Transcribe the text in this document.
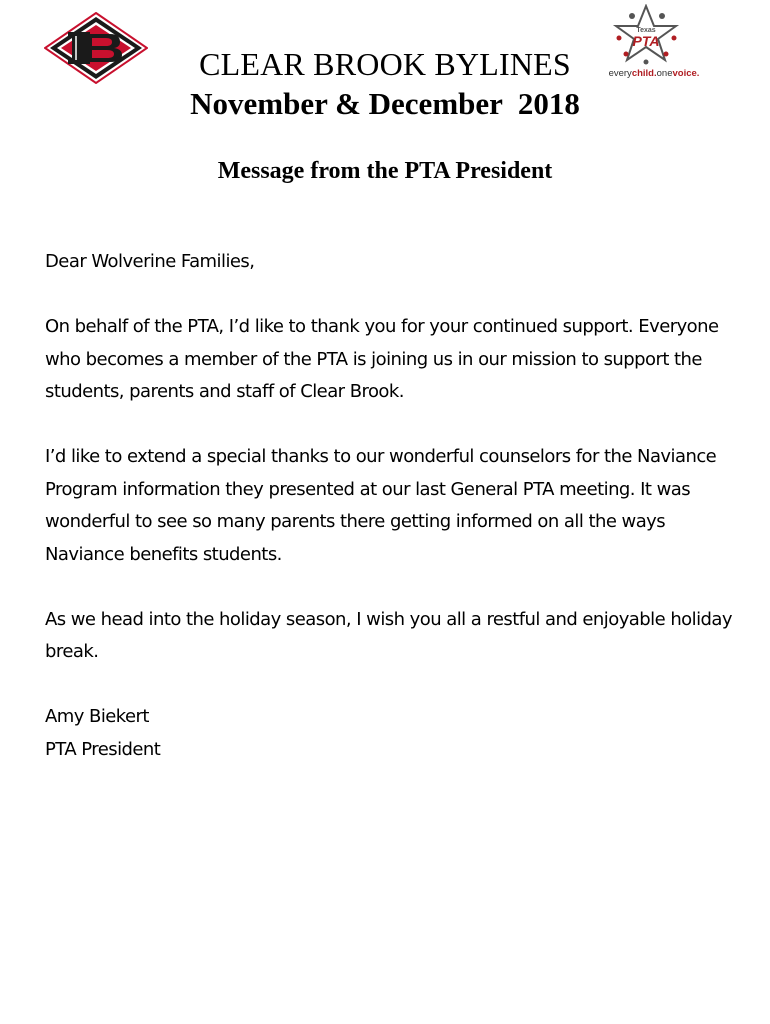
Texas
PTA
everychild.onevoice.
CLEAR BROOK BYLINES
November & December  2018
Message from the PTA President

Dear Wolverine Families,

On behalf of the PTA, I’d like to thank you for your continued support. Everyone who becomes a member of the PTA is joining us in our mission to support the students, parents and staff of Clear Brook.

I’d like to extend a special thanks to our wonderful counselors for the Naviance Program information they presented at our last General PTA meeting. It was wonderful to see so many parents there getting informed on all the ways Naviance benefits students.

As we head into the holiday season, I wish you all a restful and enjoyable holiday break.

Amy Biekert

PTA President
